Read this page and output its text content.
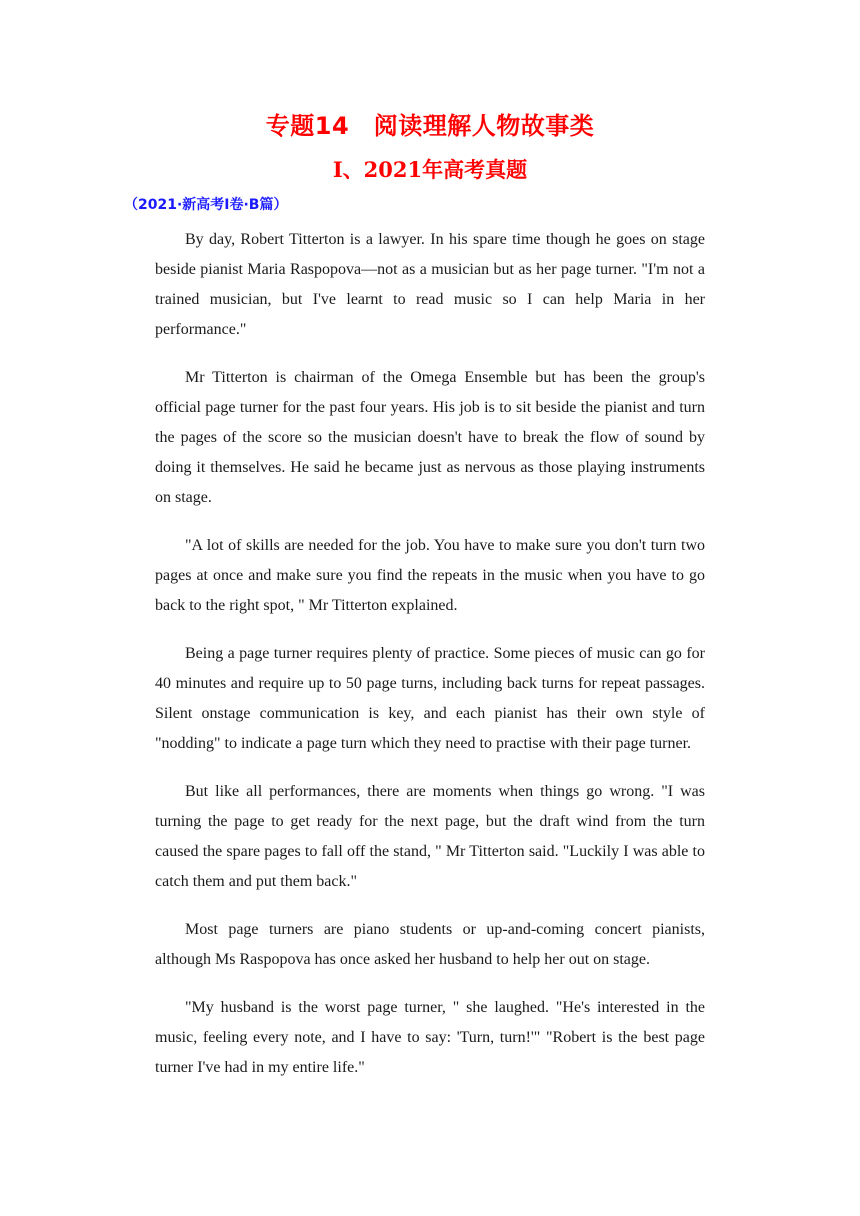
专题14　阅读理解人物故事类
I、2021年高考真题
（2021·新高考I卷·B篇）

By day, Robert Titterton is a lawyer. In his spare time though he goes on stage beside pianist Maria Raspopova—not as a musician but as her page turner. "I'm not a trained musician, but I've learnt to read music so I can help Maria in her performance."

Mr Titterton is chairman of the Omega Ensemble but has been the group's official page turner for the past four years. His job is to sit beside the pianist and turn the pages of the score so the musician doesn't have to break the flow of sound by doing it themselves. He said he became just as nervous as those playing instruments on stage.

"A lot of skills are needed for the job. You have to make sure you don't turn two pages at once and make sure you find the repeats in the music when you have to go back to the right spot, " Mr Titterton explained.

Being a page turner requires plenty of practice. Some pieces of music can go for 40 minutes and require up to 50 page turns, including back turns for repeat passages. Silent onstage communication is key, and each pianist has their own style of "nodding" to indicate a page turn which they need to practise with their page turner.

But like all performances, there are moments when things go wrong. "I was turning the page to get ready for the next page, but the draft wind from the turn caused the spare pages to fall off the stand, " Mr Titterton said. "Luckily I was able to catch them and put them back."

Most page turners are piano students or up-and-coming concert pianists, although Ms Raspopova has once asked her husband to help her out on stage.

"My husband is the worst page turner, " she laughed. "He's interested in the music, feeling every note, and I have to say: 'Turn, turn!'" "Robert is the best page turner I've had in my entire life."
